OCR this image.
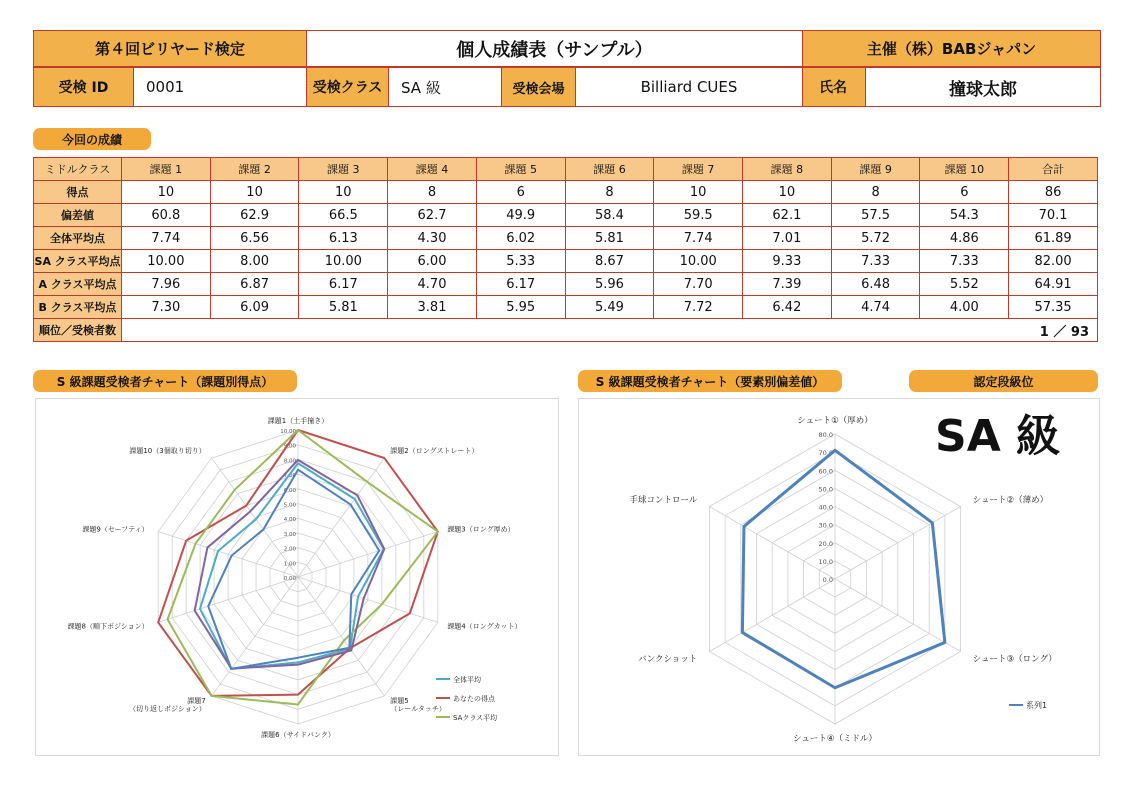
第４回ビリヤード検定	個人成績表（サンプル）	主催（株）BABジャパン
受検 ID	0001	受検クラス	SA 級	受検会場	Billiard CUES	氏名	撞球太郎
今回の成績
ミドルクラス	課題 1	課題 2	課題 3	課題 4	課題 5	課題 6	課題 7	課題 8	課題 9	課題 10	合計
得点	10	10	10	8	6	8	10	10	8	6	86
偏差値	60.8	62.9	66.5	62.7	49.9	58.4	59.5	62.1	57.5	54.3	70.1
全体平均点	7.74	6.56	6.13	4.30	6.02	5.81	7.74	7.01	5.72	4.86	61.89
SA クラス平均点	10.00	8.00	10.00	6.00	5.33	8.67	10.00	9.33	7.33	7.33	82.00
A クラス平均点	7.96	6.87	6.17	4.70	6.17	5.96	7.70	7.39	6.48	5.52	64.91
B クラス平均点	7.30	6.09	5.81	3.81	5.95	5.49	7.72	6.42	4.74	4.00	57.35
順位／受検者数	1 ／ 93										
S 級課題受検者チャート（課題別得点）	S 級課題受検者チャート（要素別偏差値）	認定段級位
0.00
1.00
2.00
3.00
4.00
5.00
6.00
7.00
8.00
9.00
10.00
課題1（土手撞き）
課題2（ロングストレート）
課題3（ロング厚め）
課題4（ロングカット）
課題5
（レールタッチ）
課題6（サイドバンク）
課題7
（切り返しポジション）
課題8（順下ポジション）
課題9（セーフティ）
課題10（3個取り切り）
全体平均
あなたの得点
SAクラス平均
0.0
10.0
20.0
30.0
40.0
50.0
60.0
70.0
80.0
シュート①（厚め）
シュート②（薄め）
シュート③（ロング）
シュート④（ミドル）
バンクショット
手球コントロール
系列1
SA 級
